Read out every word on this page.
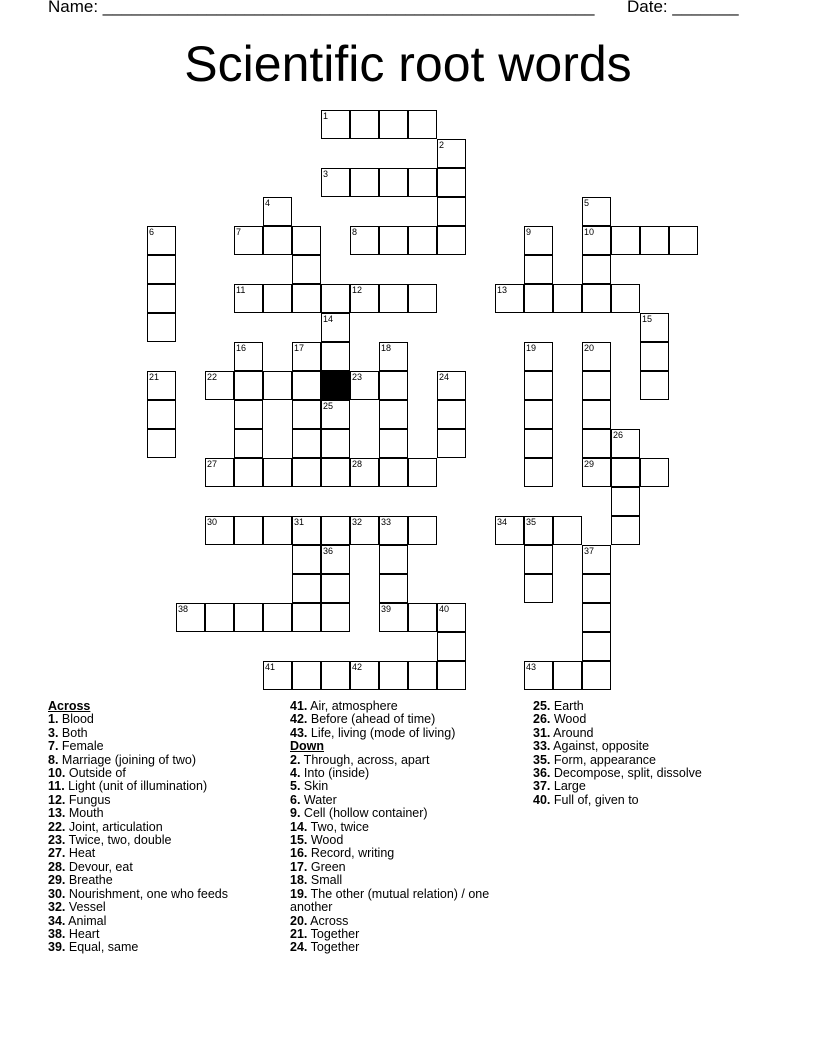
Name: ____________________________________________________ Date: _______
Scientific root words
1
2
3
4	5
6	7	8	9	10
11	12	13
14	15
16	17	18	19	20
21	22	23	24
25
26
27	28	29
30	31	32 33	34 35
36	37
38	39	40
41	42	43
Across
1. Blood
3. Both
7. Female
8. Marriage (joining of two)
10. Outside of
11. Light (unit of illumination)
12. Fungus
13. Mouth
22. Joint, articulation
23. Twice, two, double
27. Heat
28. Devour, eat
29. Breathe
30. Nourishment, one who feeds
32. Vessel
34. Animal
38. Heart
39. Equal, same
41. Air, atmosphere
42. Before (ahead of time)
43. Life, living (mode of living)
Down
2. Through, across, apart
4. Into (inside)
5. Skin
6. Water
9. Cell (hollow container)
14. Two, twice
15. Wood
16. Record, writing
17. Green
18. Small
19. The other (mutual relation) / one another
20. Across
21. Together
24. Together
25. Earth
26. Wood
31. Around
33. Against, opposite
35. Form, appearance
36. Decompose, split, dissolve
37. Large
40. Full of, given to
